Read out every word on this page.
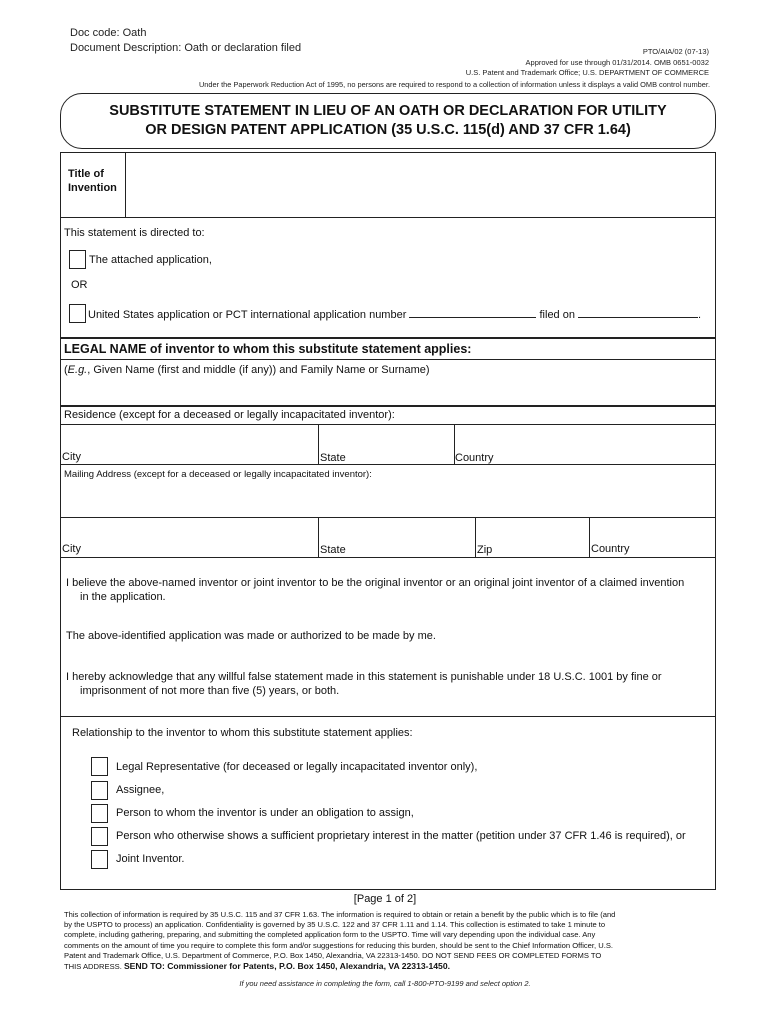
Doc code: Oath
Document Description: Oath or declaration filed	PTO/AIA/02 (07-13)
Approved for use through 01/31/2014. OMB 0651-0032
U.S. Patent and Trademark Office; U.S. DEPARTMENT OF COMMERCE
Under the Paperwork Reduction Act of 1995, no persons are required to respond to a collection of information unless it displays a valid OMB control number.
SUBSTITUTE STATEMENT IN LIEU OF AN OATH OR DECLARATION FOR UTILITY
OR DESIGN PATENT APPLICATION (35 U.S.C. 115(d) AND 37 CFR 1.64)
Title of
Invention
This statement is directed to:
The attached application,
OR
United States application or PCT international application number	filed on	.
LEGAL NAME of inventor to whom this substitute statement applies:
(E.g., Given Name (first and middle (if any)) and Family Name or Surname)
Residence (except for a deceased or legally incapacitated inventor):
City	State	Country
Mailing Address (except for a deceased or legally incapacitated inventor):
City	State	Zip	Country
I believe the above-named inventor or joint inventor to be the original inventor or an original joint inventor of a claimed invention
in the application.
The above-identified application was made or authorized to be made by me.
I hereby acknowledge that any willful false statement made in this statement is punishable under 18 U.S.C. 1001 by fine or
imprisonment of not more than five (5) years, or both.
Relationship to the inventor to whom this substitute statement applies:
Legal Representative (for deceased or legally incapacitated inventor only),
Assignee,
Person to whom the inventor is under an obligation to assign,
Person who otherwise shows a sufficient proprietary interest in the matter (petition under 37 CFR 1.46 is required), or
Joint Inventor.
[Page 1 of 2]
This collection of information is required by 35 U.S.C. 115 and 37 CFR 1.63. The information is required to obtain or retain a benefit by the public which is to file (and
by the USPTO to process) an application. Confidentiality is governed by 35 U.S.C. 122 and 37 CFR 1.11 and 1.14. This collection is estimated to take 1 minute to
complete, including gathering, preparing, and submitting the completed application form to the USPTO. Time will vary depending upon the individual case. Any
comments on the amount of time you require to complete this form and/or suggestions for reducing this burden, should be sent to the Chief Information Officer, U.S.
Patent and Trademark Office, U.S. Department of Commerce, P.O. Box 1450, Alexandria, VA 22313-1450. DO NOT SEND FEES OR COMPLETED FORMS TO
THIS ADDRESS. SEND TO: Commissioner for Patents, P.O. Box 1450, Alexandria, VA 22313-1450.
If you need assistance in completing the form, call 1-800-PTO-9199 and select option 2.
